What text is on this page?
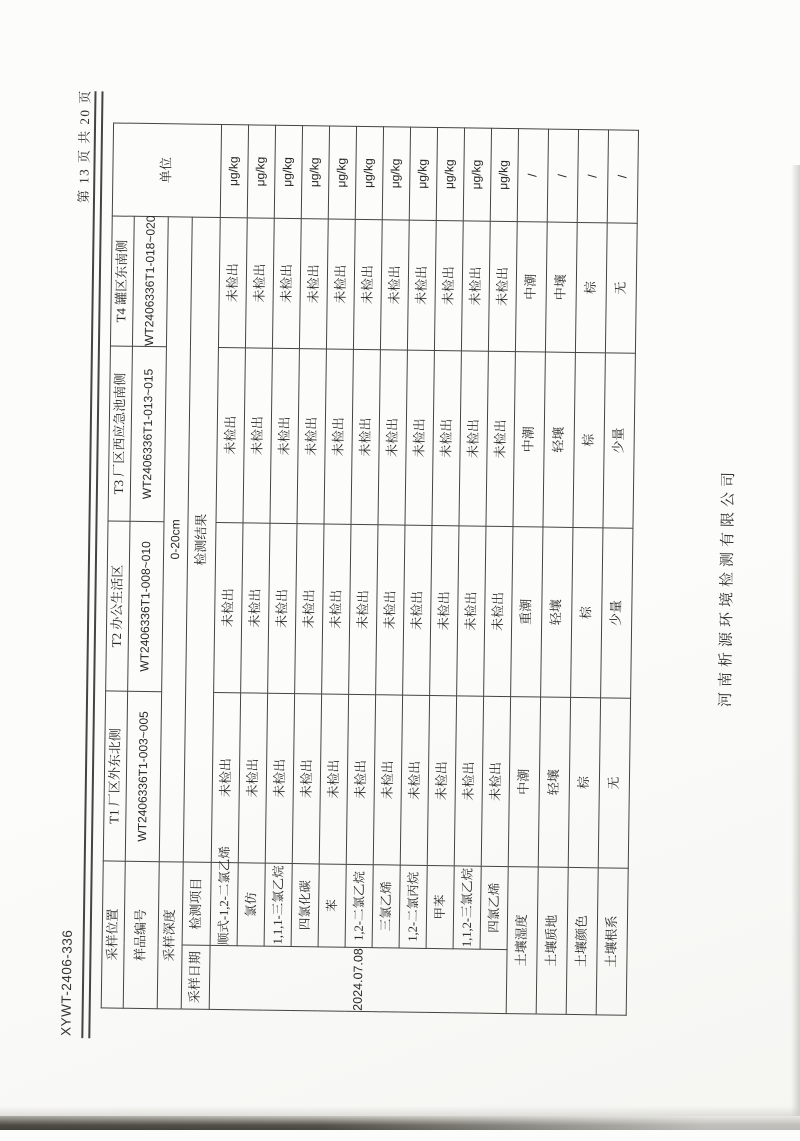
XYWT-2406-336
第 13 页 共 20 页
采样位置		T1 厂区外东北侧	T2 办公生活区	T3 厂区西应急池南侧	T4 罐区东南侧	单位
样品编号		WT2406336T1-003~005	WT2406336T1-008~010	WT2406336T1-013~015	WT2406336T1-018~020	
采样深度		0-20cm				
采样日期	检测项目	检测结果				
2024.07.08	顺式-1,2-二氯乙烯	未检出	未检出	未检出	未检出	μg/kg
	氯仿	未检出	未检出	未检出	未检出	μg/kg
	1,1,1-三氯乙烷	未检出	未检出	未检出	未检出	μg/kg
	四氯化碳	未检出	未检出	未检出	未检出	μg/kg
	苯	未检出	未检出	未检出	未检出	μg/kg
	1,2-二氯乙烷	未检出	未检出	未检出	未检出	μg/kg
	三氯乙烯	未检出	未检出	未检出	未检出	μg/kg
	1,2-二氯丙烷	未检出	未检出	未检出	未检出	μg/kg
	甲苯	未检出	未检出	未检出	未检出	μg/kg
	1,1,2-三氯乙烷	未检出	未检出	未检出	未检出	μg/kg
	四氯乙烯	未检出	未检出	未检出	未检出	μg/kg
土壤湿度		中潮	重潮	中潮	中潮	/
土壤质地		轻壤	轻壤	轻壤	中壤	/
土壤颜色		棕	棕	棕	棕	/
土壤根系		无	少量	少量	无	/
河南析源环境检测有限公司
